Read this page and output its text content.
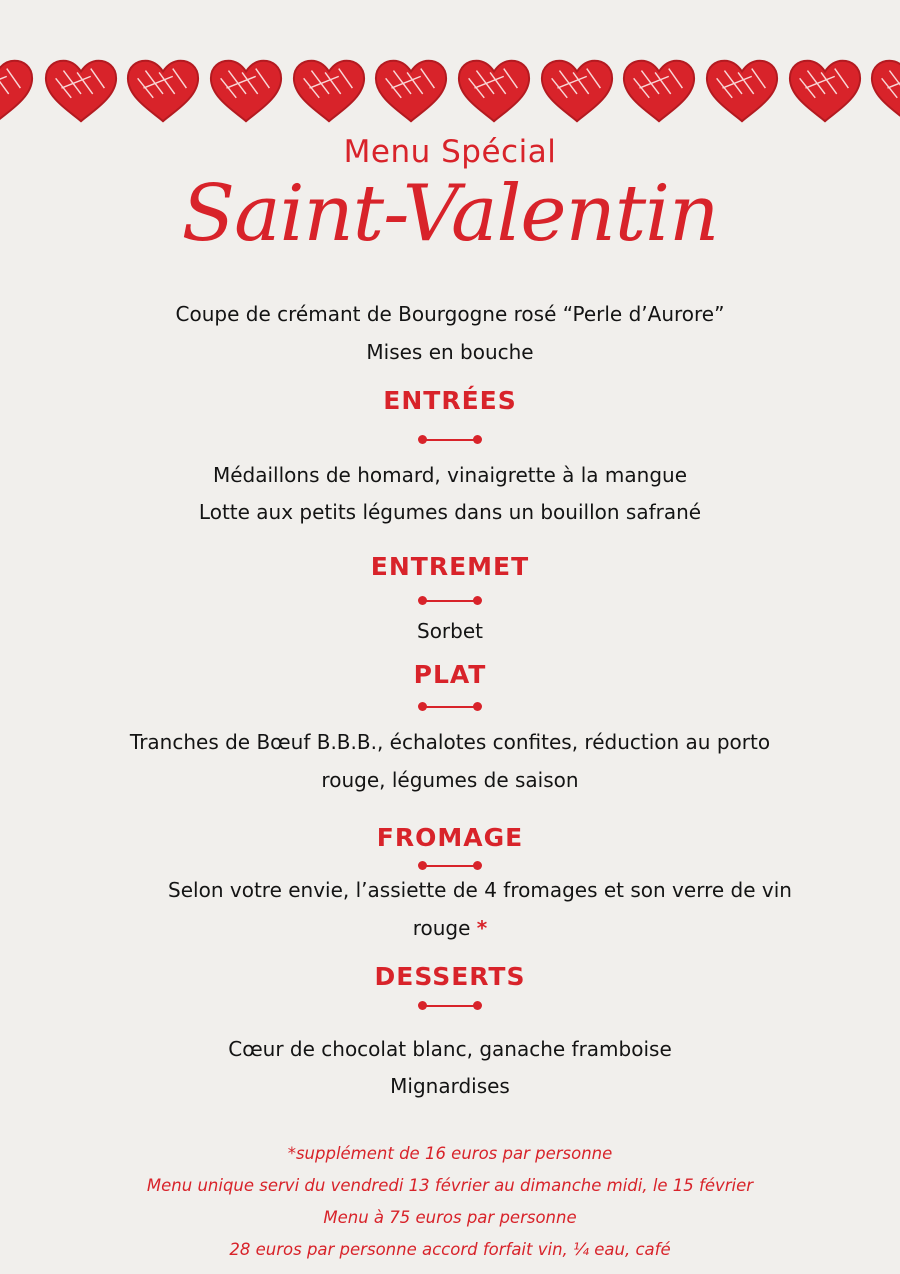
Menu Spécial
Saint-Valentin
Coupe de crémant de Bourgogne rosé “Perle d’Aurore”
Mises en bouche
ENTRÉES
Médaillons de homard, vinaigrette à la mangue
Lotte aux petits légumes dans un bouillon safrané
ENTREMET
Sorbet
PLAT
Tranches de Bœuf B.B.B., échalotes confites, réduction au porto
rouge, légumes de saison
FROMAGE
Selon votre envie, l’assiette de 4 fromages et son verre de vin
rouge *
DESSERTS
Cœur de chocolat blanc, ganache framboise
Mignardises
*supplément de 16 euros par personne
Menu unique servi du vendredi 13 février au dimanche midi, le 15 février
Menu à 75 euros par personne
28 euros par personne accord forfait vin, ¼ eau, café
